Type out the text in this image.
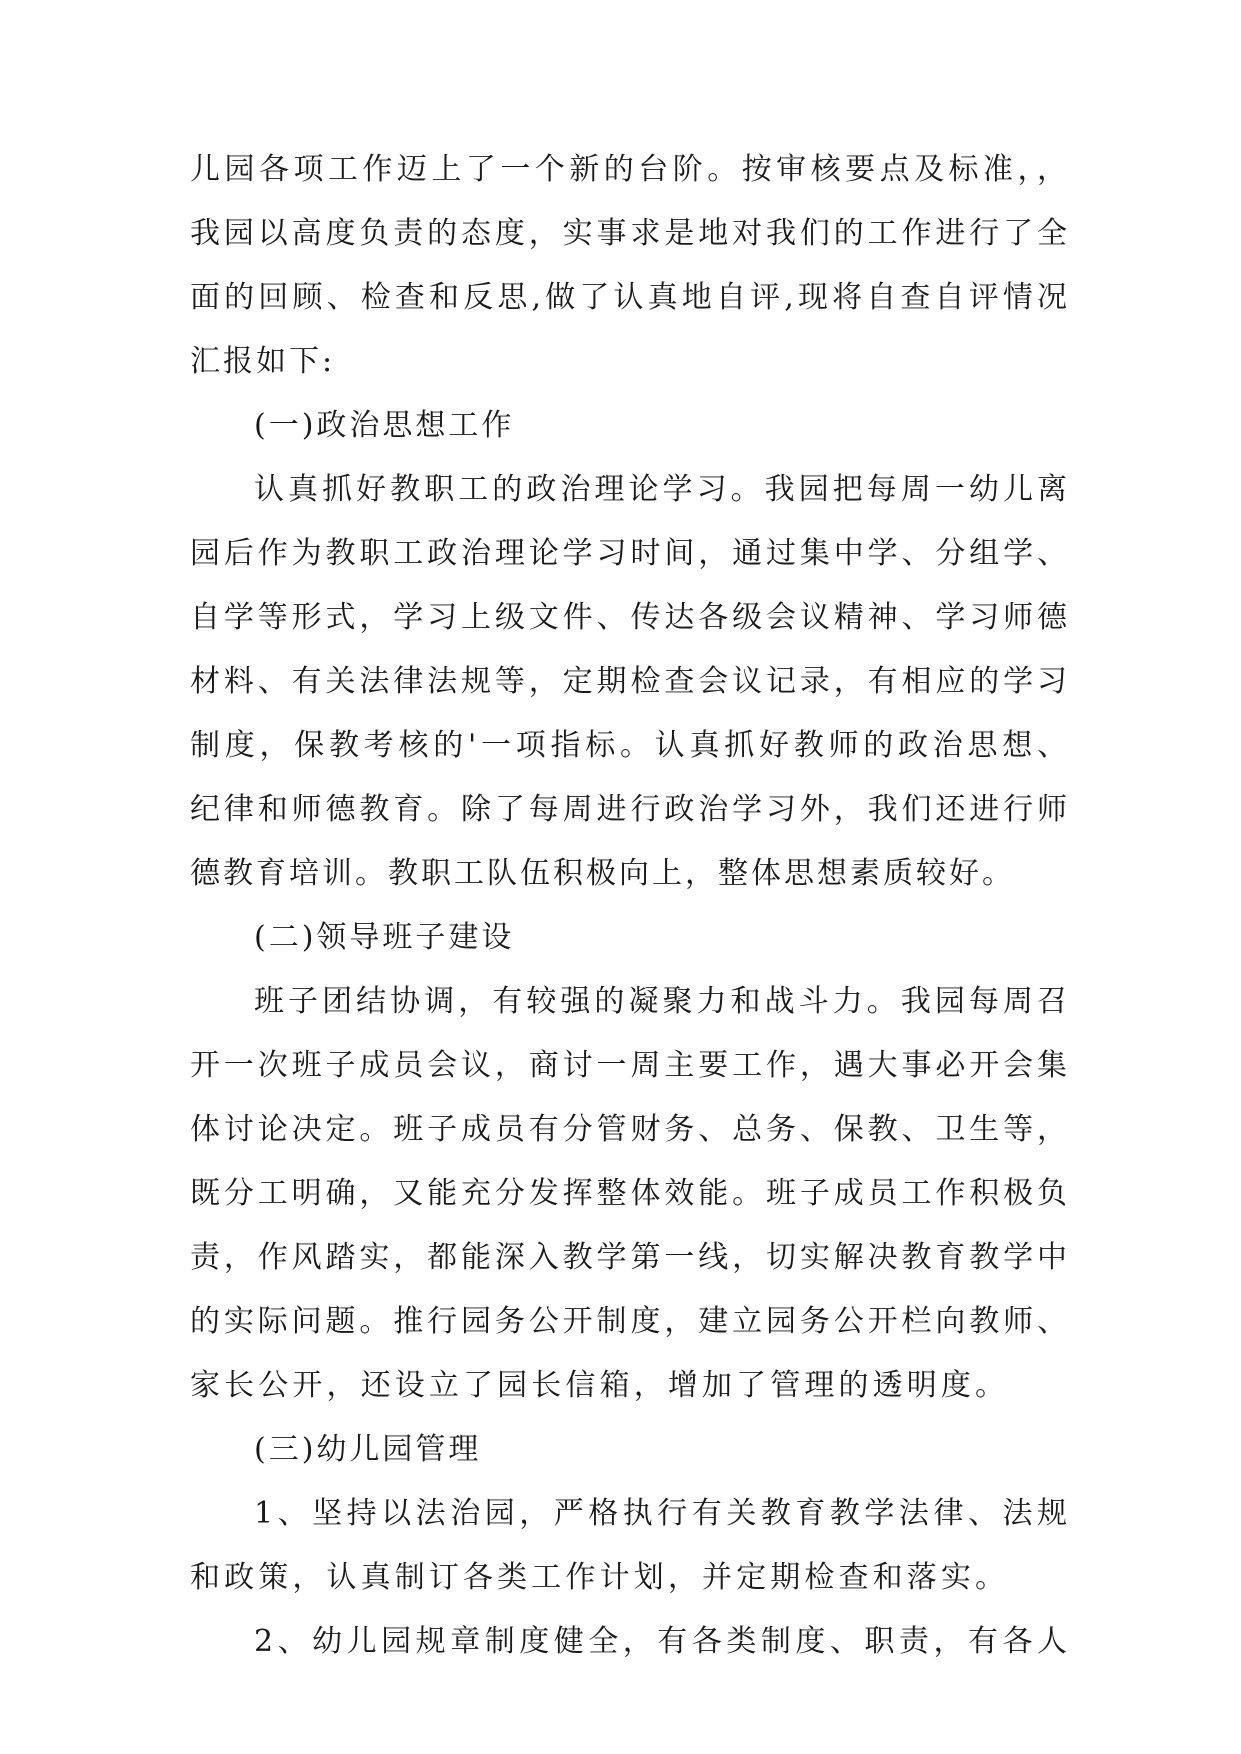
儿园各项工作迈上了一个新的台阶。按审核要点及标准，，
我园以高度负责的态度，实事求是地对我们的工作进行了全
面的回顾、检查和反思,做了认真地自评,现将自查自评情况
汇报如下:
(一)政治思想工作
认真抓好教职工的政治理论学习。我园把每周一幼儿离
园后作为教职工政治理论学习时间，通过集中学、分组学、
自学等形式，学习上级文件、传达各级会议精神、学习师德
材料、有关法律法规等，定期检查会议记录，有相应的学习
制度，保教考核的'一项指标。认真抓好教师的政治思想、
纪律和师德教育。除了每周进行政治学习外，我们还进行师
德教育培训。教职工队伍积极向上，整体思想素质较好。
(二)领导班子建设
班子团结协调，有较强的凝聚力和战斗力。我园每周召
开一次班子成员会议，商讨一周主要工作，遇大事必开会集
体讨论决定。班子成员有分管财务、总务、保教、卫生等，
既分工明确，又能充分发挥整体效能。班子成员工作积极负
责，作风踏实，都能深入教学第一线，切实解决教育教学中
的实际问题。推行园务公开制度，建立园务公开栏向教师、
家长公开，还设立了园长信箱，增加了管理的透明度。
(三)幼儿园管理
1、坚持以法治园，严格执行有关教育教学法律、法规
和政策，认真制订各类工作计划，并定期检查和落实。
2、幼儿园规章制度健全，有各类制度、职责，有各人
